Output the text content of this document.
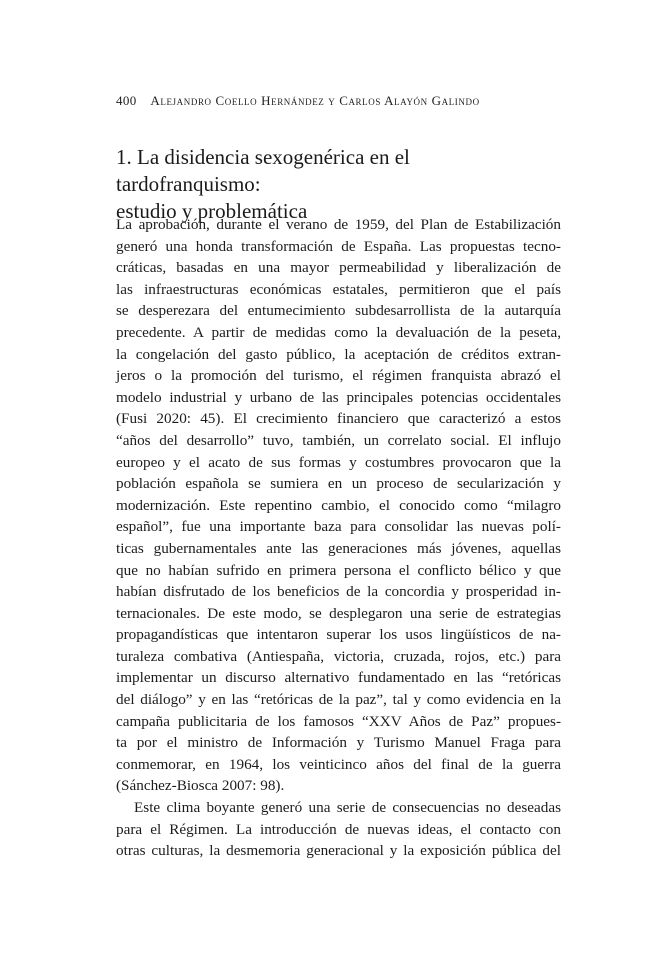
400 Alejandro Coello Hernández y Carlos Alayón Galindo
1. La disidencia sexogenérica en el tardofranquismo:
estudio y problemática
La aprobación, durante el verano de 1959, del Plan de Estabilización
generó una honda transformación de España. Las propuestas tecno-
cráticas, basadas en una mayor permeabilidad y liberalización de
las infraestructuras económicas estatales, permitieron que el país
se desperezara del entumecimiento subdesarrollista de la autarquía
precedente. A partir de medidas como la devaluación de la peseta,
la congelación del gasto público, la aceptación de créditos extran-
jeros o la promoción del turismo, el régimen franquista abrazó el
modelo industrial y urbano de las principales potencias occidentales
(Fusi 2020: 45). El crecimiento financiero que caracterizó a estos
“años del desarrollo” tuvo, también, un correlato social. El influjo
europeo y el acato de sus formas y costumbres provocaron que la
población española se sumiera en un proceso de secularización y
modernización. Este repentino cambio, el conocido como “milagro
español”, fue una importante baza para consolidar las nuevas polí-
ticas gubernamentales ante las generaciones más jóvenes, aquellas
que no habían sufrido en primera persona el conflicto bélico y que
habían disfrutado de los beneficios de la concordia y prosperidad in-
ternacionales. De este modo, se desplegaron una serie de estrategias
propagandísticas que intentaron superar los usos lingüísticos de na-
turaleza combativa (Antiespaña, victoria, cruzada, rojos, etc.) para
implementar un discurso alternativo fundamentado en las “retóricas
del diálogo” y en las “retóricas de la paz”, tal y como evidencia en la
campaña publicitaria de los famosos “XXV Años de Paz” propues-
ta por el ministro de Información y Turismo Manuel Fraga para
conmemorar, en 1964, los veinticinco años del final de la guerra
(Sánchez-Biosca 2007: 98).
Este clima boyante generó una serie de consecuencias no deseadas
para el Régimen. La introducción de nuevas ideas, el contacto con
otras culturas, la desmemoria generacional y la exposición pública del
